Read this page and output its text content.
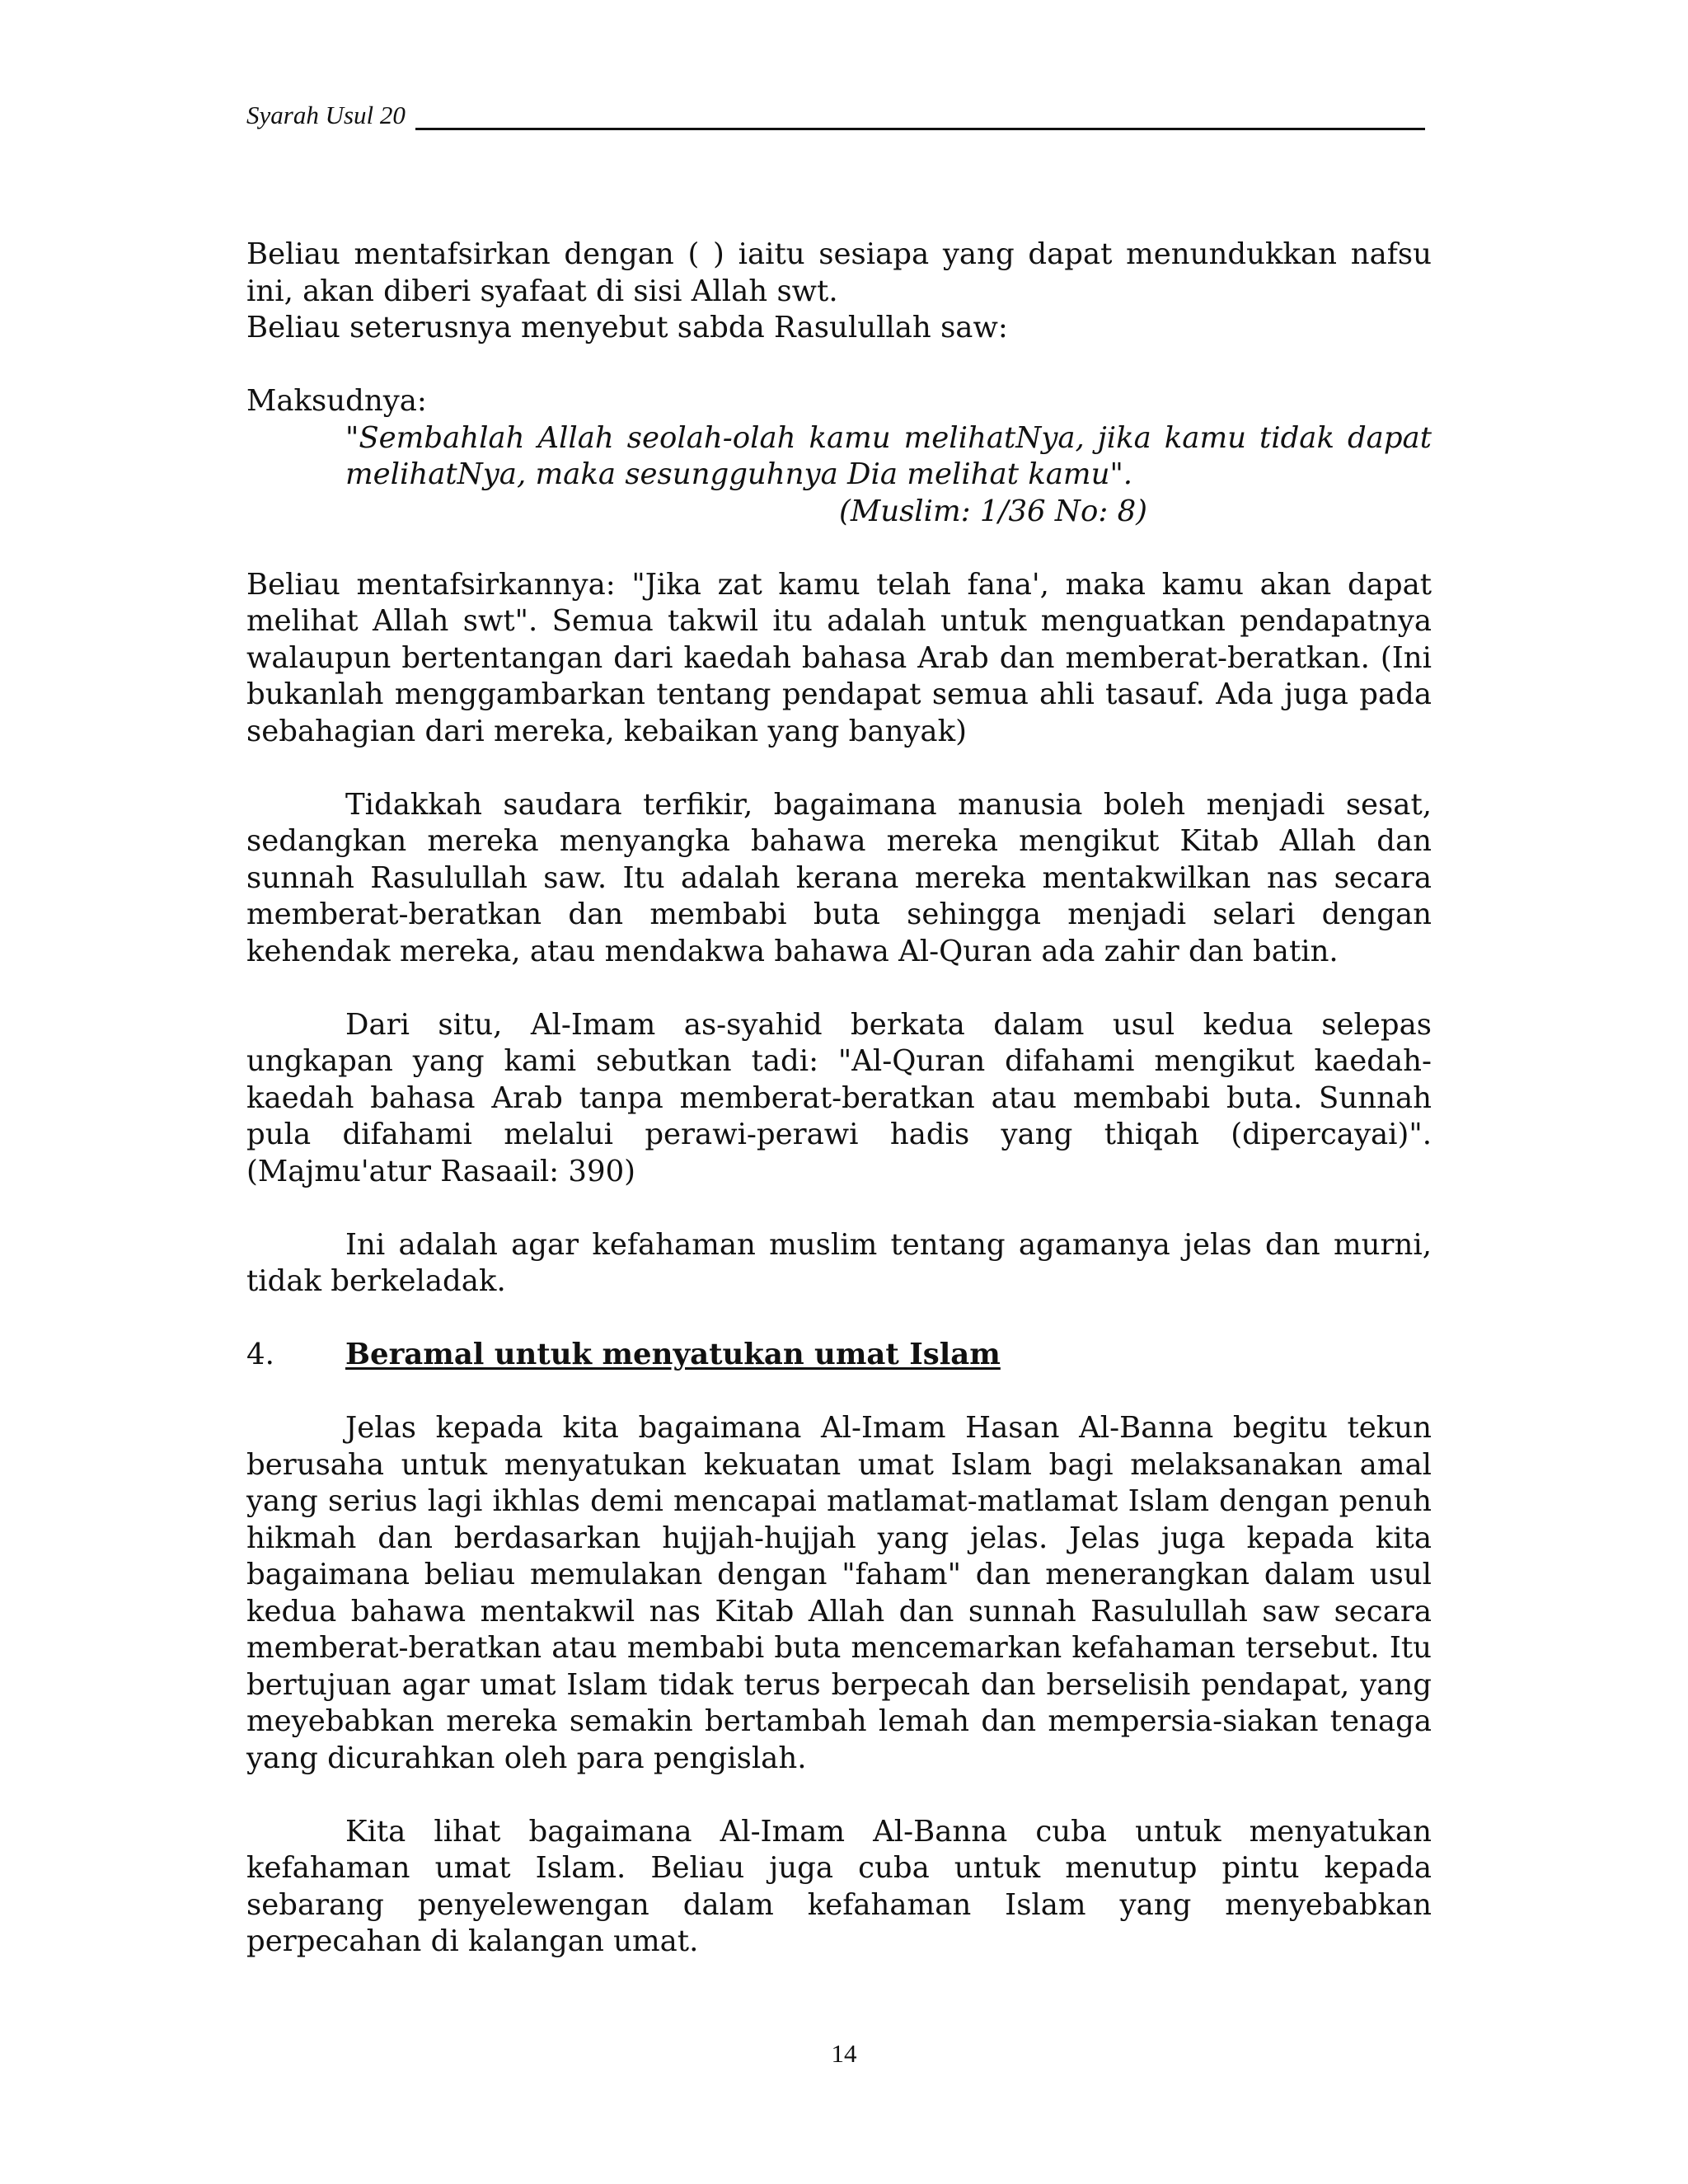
Syarah Usul 20

Beliau mentafsirkan dengan ( ) iaitu sesiapa yang dapat menundukkan nafsu ini, akan diberi syafaat di sisi Allah swt.

Beliau seterusnya menyebut sabda Rasulullah saw:

Maksudnya:

"Sembahlah Allah seolah-olah kamu melihatNya, jika kamu tidak dapat melihatNya, maka sesungguhnya Dia melihat kamu".

(Muslim: 1/36 No: 8)

Beliau mentafsirkannya: "Jika zat kamu telah fana', maka kamu akan dapat melihat Allah swt". Semua takwil itu adalah untuk menguatkan pendapatnya walaupun bertentangan dari kaedah bahasa Arab dan memberat-beratkan. (Ini bukanlah menggambarkan tentang pendapat semua ahli tasauf. Ada juga pada sebahagian dari mereka, kebaikan yang banyak)

Tidakkah saudara terfikir, bagaimana manusia boleh menjadi sesat, sedangkan mereka menyangka bahawa mereka mengikut Kitab Allah dan sunnah Rasulullah saw. Itu adalah kerana mereka mentakwilkan nas secara memberat-beratkan dan membabi buta sehingga menjadi selari dengan kehendak mereka, atau mendakwa bahawa Al-Quran ada zahir dan batin.

Dari situ, Al-Imam as-syahid berkata dalam usul kedua selepas ungkapan yang kami sebutkan tadi: "Al-Quran difahami mengikut kaedah-kaedah bahasa Arab tanpa memberat-beratkan atau membabi buta. Sunnah pula difahami melalui perawi-perawi hadis yang thiqah (dipercayai)". (Majmu'atur Rasaail: 390)

Ini adalah agar kefahaman muslim tentang agamanya jelas dan murni, tidak berkeladak.

4.	Beramal untuk menyatukan umat Islam

Jelas kepada kita bagaimana Al-Imam Hasan Al-Banna begitu tekun berusaha untuk menyatukan kekuatan umat Islam bagi melaksanakan amal yang serius lagi ikhlas demi mencapai matlamat-matlamat Islam dengan penuh hikmah dan berdasarkan hujjah-hujjah yang jelas. Jelas juga kepada kita bagaimana beliau memulakan dengan "faham" dan menerangkan dalam usul kedua bahawa mentakwil nas Kitab Allah dan sunnah Rasulullah saw secara memberat-beratkan atau membabi buta mencemarkan kefahaman tersebut. Itu bertujuan agar umat Islam tidak terus berpecah dan berselisih pendapat, yang meyebabkan mereka semakin bertambah lemah dan mempersia-siakan tenaga yang dicurahkan oleh para pengislah.

Kita lihat bagaimana Al-Imam Al-Banna cuba untuk menyatukan kefahaman umat Islam. Beliau juga cuba untuk menutup pintu kepada sebarang penyelewengan dalam kefahaman Islam yang menyebabkan perpecahan di kalangan umat.

14
